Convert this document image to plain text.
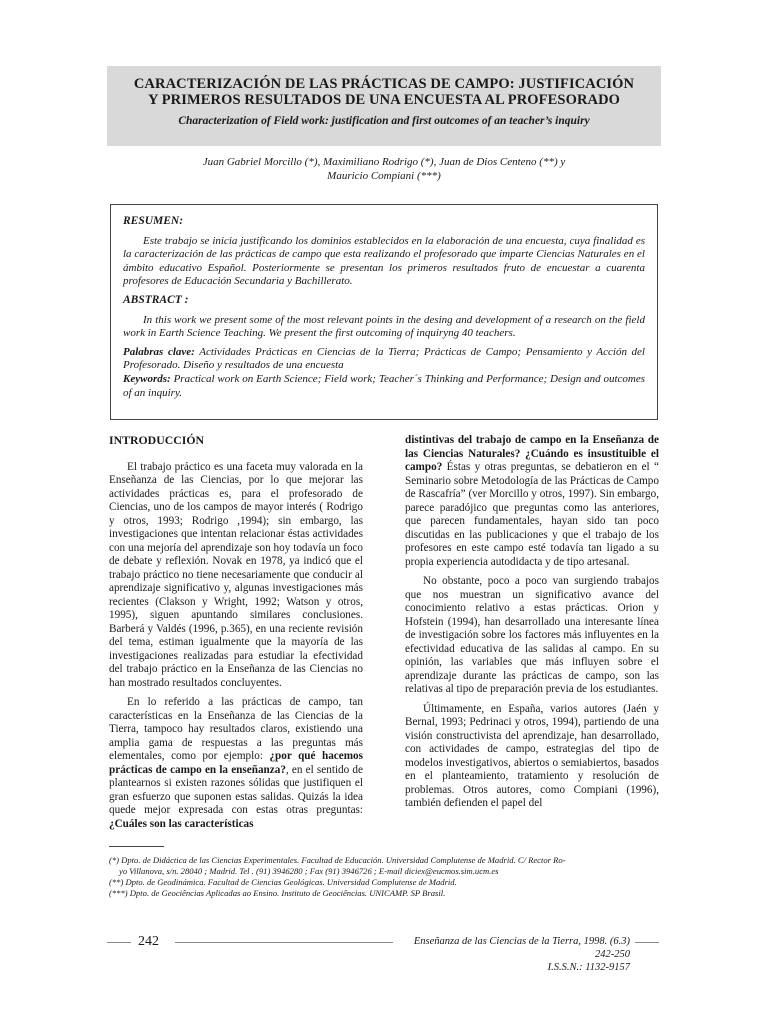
CARACTERIZACIÓN DE LAS PRÁCTICAS DE CAMPO: JUSTIFICACIÓN
Y PRIMEROS RESULTADOS DE UNA ENCUESTA AL PROFESORADO
Characterization of Field work: justification and first outcomes of an teacher’s inquiry
Juan Gabriel Morcillo (*), Maximiliano Rodrigo (*), Juan de Dios Centeno (**) y
Mauricio Compiani (***)
RESUMEN:

Este trabajo se inicia justificando los dominios establecidos en la elaboración de una encuesta, cuya finalidad es la caracterización de las prácticas de campo que esta realizando el profesorado que imparte Ciencias Naturales en el ámbito educativo Español. Posteriormente se presentan los primeros resultados fruto de encuestar a cuarenta profesores de Educación Secundaria y Bachillerato.

ABSTRACT :

In this work we present some of the most relevant points in the desing and development of a research on the field work in Earth Science Teaching. We present the first outcoming of inquiryng 40 teachers.

Palabras clave: Actividades Prácticas en Ciencias de la Tierra; Prácticas de Campo; Pensamiento y Acción del Profesorado. Diseño y resultados de una encuesta

Keywords: Practical work on Earth Science; Field work; Teacher´s Thinking and Performance; Design and outcomes of an inquiry.

INTRODUCCIÓN

El trabajo práctico es una faceta muy valorada en la Enseñanza de las Ciencias, por lo que mejorar las actividades prácticas es, para el profesorado de Ciencias, uno de los campos de mayor interés ( Rodrigo y otros, 1993; Rodrigo ,1994); sin embargo, las investigaciones que intentan relacionar éstas actividades con una mejoría del aprendizaje son hoy todavía un foco de debate y reflexión. Novak en 1978, ya indicó que el trabajo práctico no tiene necesariamente que conducir al aprendizaje significativo y, algunas investigaciones más recientes (Clakson y Wright, 1992; Watson y otros, 1995), siguen apuntando similares conclusiones. Barberá y Valdés (1996, p.365), en una reciente revisión del tema, estiman igualmente que la mayoría de las investigaciones realizadas para estudiar la efectividad del trabajo práctico en la Enseñanza de las Ciencias no han mostrado resultados concluyentes.

En lo referido a las prácticas de campo, tan características en la Enseñanza de las Ciencias de la Tierra, tampoco hay resultados claros, existiendo una amplia gama de respuestas a las preguntas más elementales, como por ejemplo: ¿por qué hacemos prácticas de campo en la enseñanza?, en el sentido de plantearnos si existen razones sólidas que justifiquen el gran esfuerzo que suponen estas salidas. Quizás la idea quede mejor expresada con estas otras preguntas: ¿Cuáles son las características

distintivas del trabajo de campo en la Enseñanza de las Ciencias Naturales? ¿Cuándo es insustituible el campo? Éstas y otras preguntas, se debatieron en el “ Seminario sobre Metodología de las Prácticas de Campo de Rascafría” (ver Morcillo y otros, 1997). Sin embargo, parece paradójico que preguntas como las anteriores, que parecen fundamentales, hayan sido tan poco discutidas en las publicaciones y que el trabajo de los profesores en este campo esté todavía tan ligado a su propia experiencia autodidacta y de tipo artesanal.

No obstante, poco a poco van surgiendo trabajos que nos muestran un significativo avance del conocimiento relativo a estas prácticas. Orion y Hofstein (1994), han desarrollado una interesante línea de investigación sobre los factores más influyentes en la efectividad educativa de las salidas al campo. En su opinión, las variables que más influyen sobre el aprendizaje durante las prácticas de campo, son las relativas al tipo de preparación previa de los estudiantes.

Últimamente, en España, varios autores (Jaén y Bernal, 1993; Pedrinaci y otros, 1994), partiendo de una visión constructivista del aprendizaje, han desarrollado, con actividades de campo, estrategias del tipo de modelos investigativos, abiertos o semiabiertos, basados en el planteamiento, tratamiento y resolución de problemas. Otros autores, como Compiani (1996), también defienden el papel del

(*) Dpto. de Didáctica de las Ciencias Experimentales. Facultad de Educación. Universidad Complutense de Madrid. C/ Rector Ro-
yo Villanova, s/n. 28040 ; Madrid. Tel . (91) 3946280 ; Fax (91) 3946726 ; E-mail diciex@eucmos.sim.ucm.es
(**) Dpto. de Geodinámica. Facultad de Ciencias Geológicas. Universidad Complutense de Madrid.
(***) Dpto. de Geociências Aplicadas ao Ensino. Instituto de Geociências. UNICAMP. SP Brasil.
242	Enseñanza de las Ciencias de la Tierra, 1998. (6.3) 242-250
I.S.S.N.: 1132-9157
